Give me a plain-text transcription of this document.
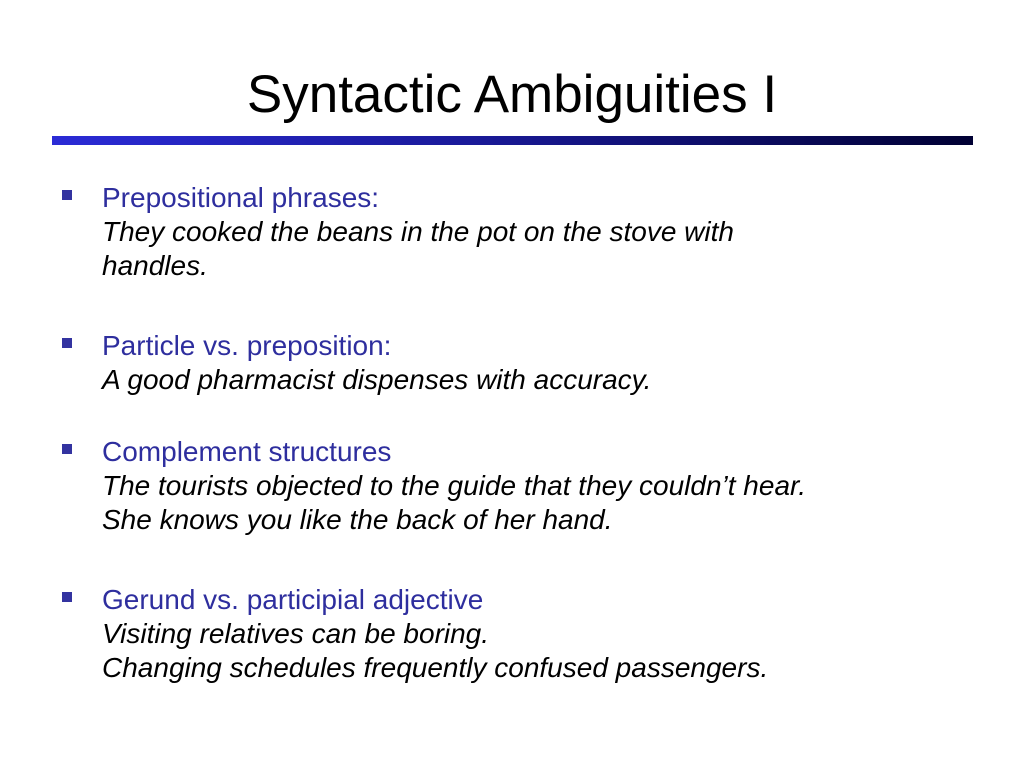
Syntactic Ambiguities I
Prepositional phrases:
They cooked the beans in the pot on the stove with
handles.
Particle vs. preposition:
A good pharmacist dispenses with accuracy.
Complement structures
The tourists objected to the guide that they couldn’t hear.
She knows you like the back of her hand.
Gerund vs. participial adjective
Visiting relatives can be boring.
Changing schedules frequently confused passengers.
